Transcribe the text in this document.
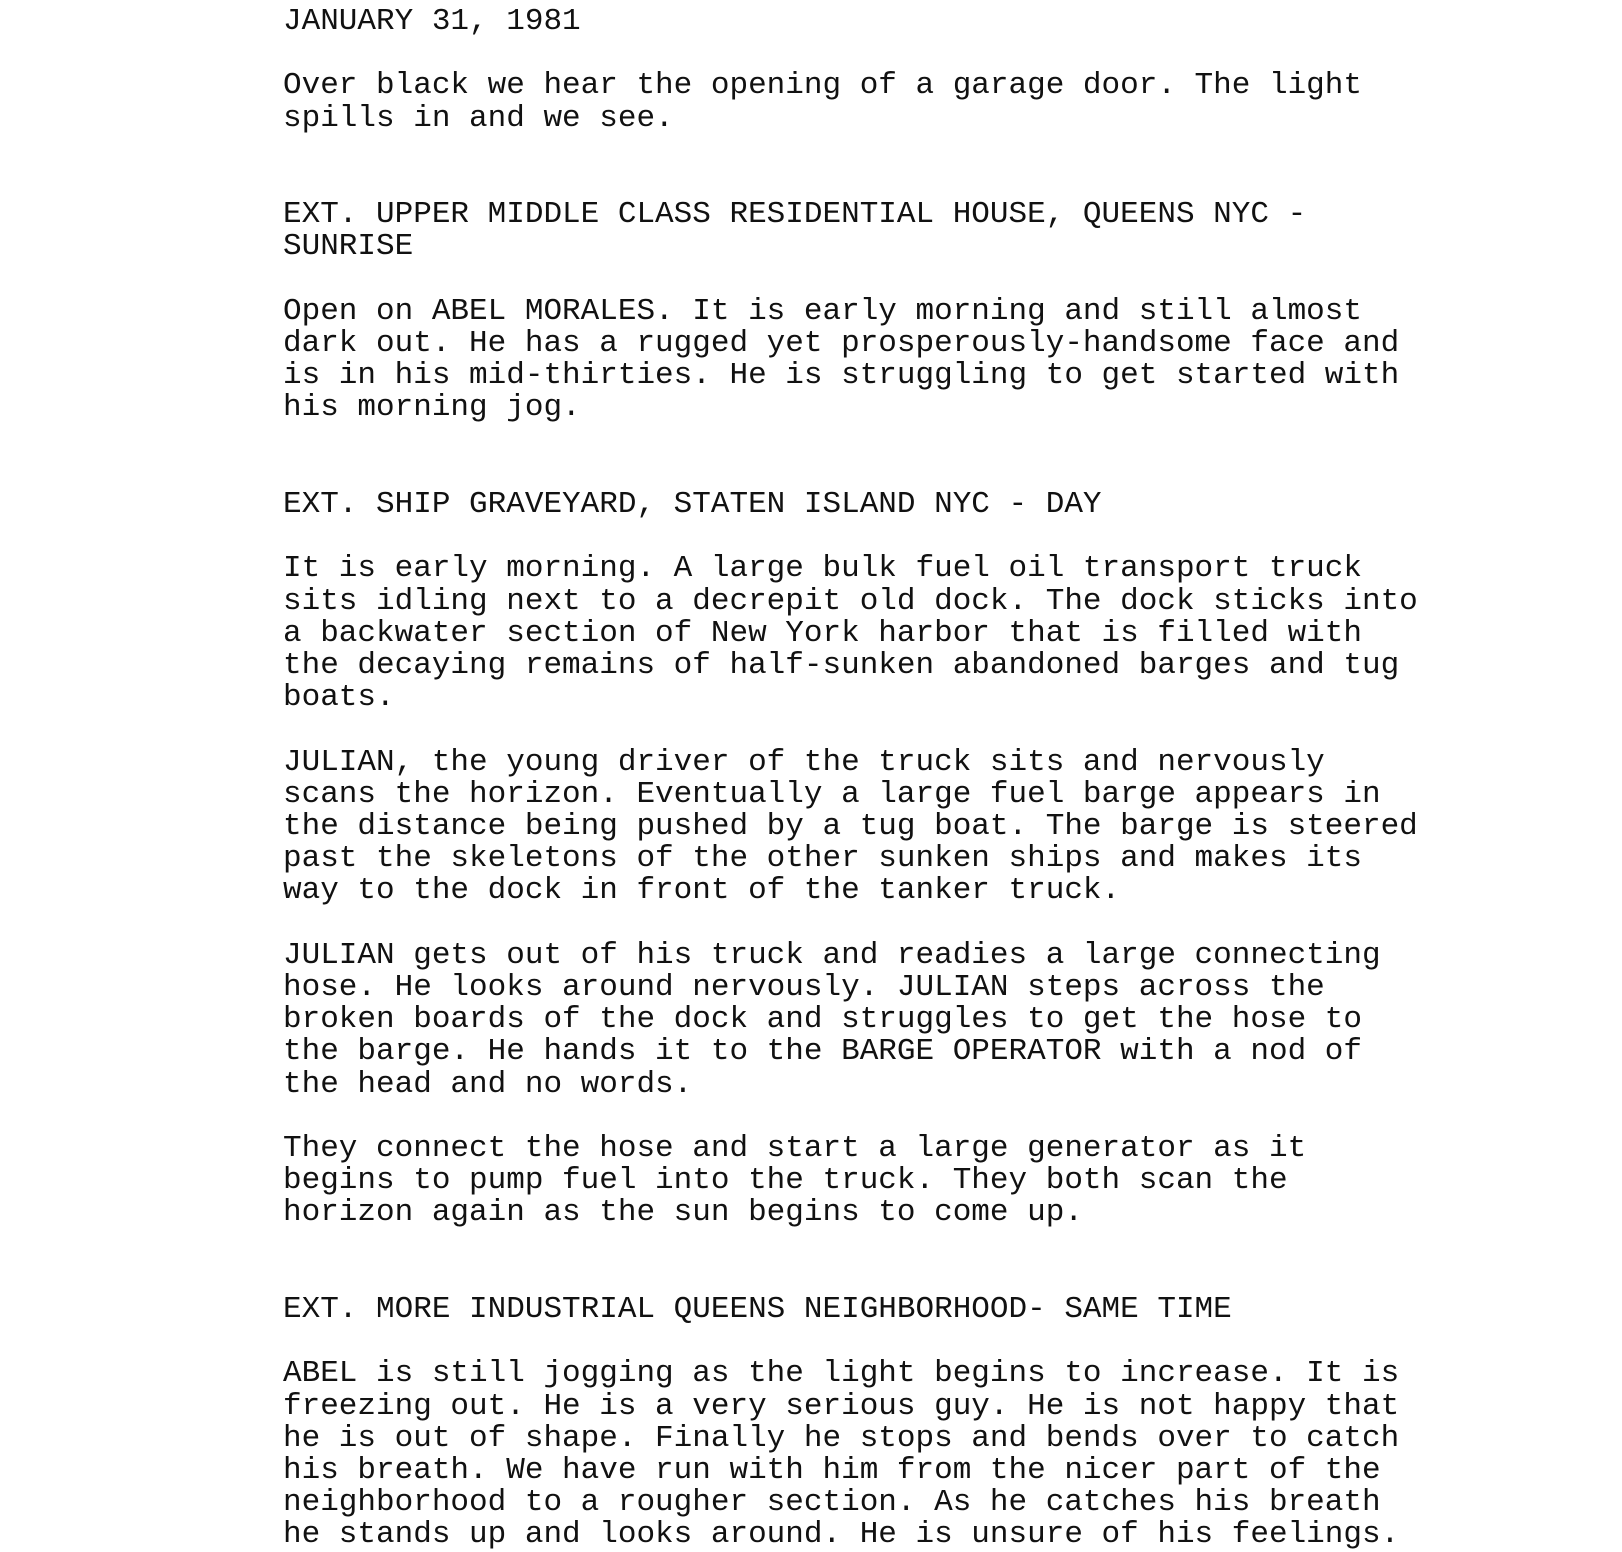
JANUARY 31, 1981

Over black we hear the opening of a garage door. The light
spills in and we see.

EXT. UPPER MIDDLE CLASS RESIDENTIAL HOUSE, QUEENS NYC -
SUNRISE

Open on ABEL MORALES. It is early morning and still almost
dark out. He has a rugged yet prosperously-handsome face and
is in his mid-thirties. He is struggling to get started with
his morning jog.

EXT. SHIP GRAVEYARD, STATEN ISLAND NYC - DAY

It is early morning. A large bulk fuel oil transport truck
sits idling next to a decrepit old dock. The dock sticks into
a backwater section of New York harbor that is filled with
the decaying remains of half-sunken abandoned barges and tug
boats.

JULIAN, the young driver of the truck sits and nervously
scans the horizon. Eventually a large fuel barge appears in
the distance being pushed by a tug boat. The barge is steered
past the skeletons of the other sunken ships and makes its
way to the dock in front of the tanker truck.

JULIAN gets out of his truck and readies a large connecting
hose. He looks around nervously. JULIAN steps across the
broken boards of the dock and struggles to get the hose to
the barge. He hands it to the BARGE OPERATOR with a nod of
the head and no words.

They connect the hose and start a large generator as it
begins to pump fuel into the truck. They both scan the
horizon again as the sun begins to come up.

EXT. MORE INDUSTRIAL QUEENS NEIGHBORHOOD- SAME TIME

ABEL is still jogging as the light begins to increase. It is
freezing out. He is a very serious guy. He is not happy that
he is out of shape. Finally he stops and bends over to catch
his breath. We have run with him from the nicer part of the
neighborhood to a rougher section. As he catches his breath
he stands up and looks around. He is unsure of his feelings.
